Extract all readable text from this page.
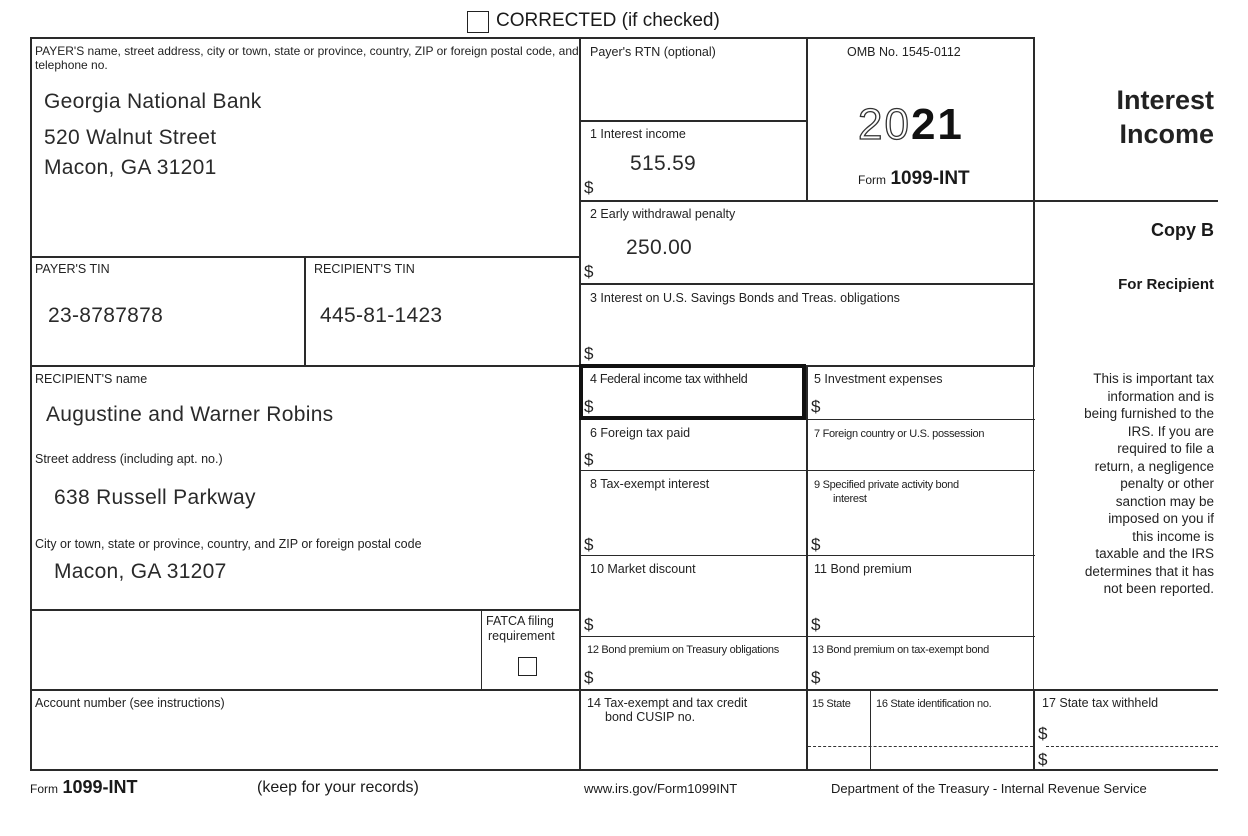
CORRECTED (if checked)
PAYER'S name, street address, city or town, state or province, country, ZIP or foreign postal code, and telephone no.
Georgia National Bank
520 Walnut Street
Macon, GA 31201
Payer's RTN (optional)	OMB No. 1545-0112
2021
Form 1099-INT
Interest
Income
Copy B
For Recipient
This is important tax
information and is
being furnished to the
IRS. If you are
required to file a
return, a negligence
penalty or other
sanction may be
imposed on you if
this income is
taxable and the IRS
determines that it has
not been reported.
1 Interest income
515.59
$
2 Early withdrawal penalty
250.00
$
PAYER'S TIN
23-8787878
RECIPIENT'S TIN
445-81-1423
3 Interest on U.S. Savings Bonds and Treas. obligations
$
RECIPIENT'S name
Augustine and Warner Robins
Street address (including apt. no.)
638 Russell Parkway
City or town, state or province, country, and ZIP or foreign postal code
Macon, GA 31207
4 Federal income tax withheld
$
5 Investment expenses
$
6 Foreign tax paid
$
7 Foreign country or U.S. possession
8 Tax-exempt interest
$
9 Specified private activity bond
interest
$
10 Market discount
$
11 Bond premium
$
FATCA filing
requirement
12 Bond premium on Treasury obligations
$
13 Bond premium on tax-exempt bond
$
Account number (see instructions)	14 Tax-exempt and tax credit
bond CUSIP no.
15 State 16 State identification no.	17 State tax withheld
$
$
Form 1099-INT	(keep for your records)	www.irs.gov/Form1099INT	Department of the Treasury - Internal Revenue Service
